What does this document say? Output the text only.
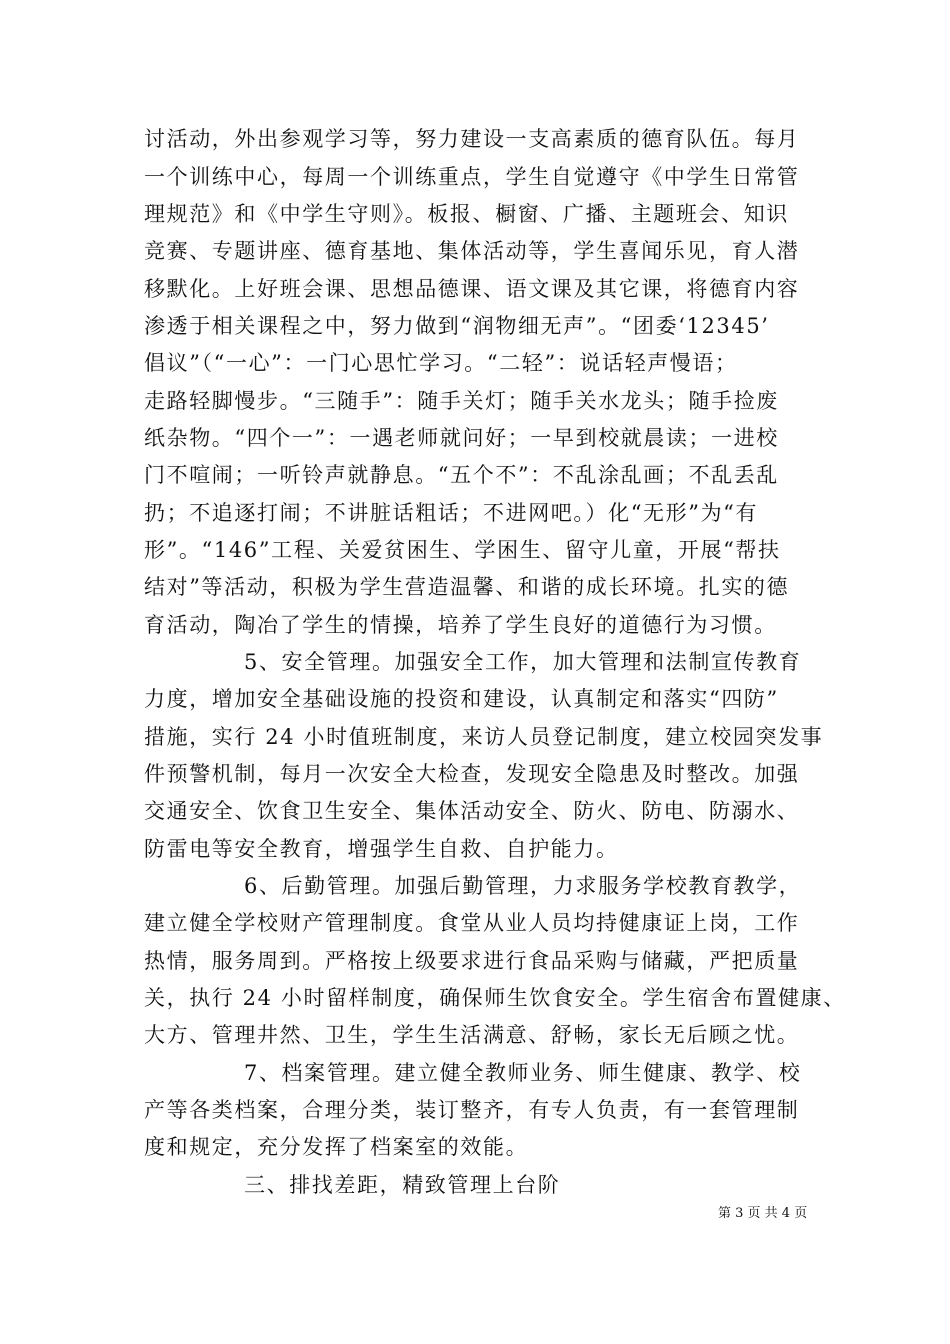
讨活动，外出参观学习等，努力建设一支高素质的德育队伍。每月
一个训练中心，每周一个训练重点，学生自觉遵守《中学生日常管
理规范》和《中学生守则》。板报、橱窗、广播、主题班会、知识
竞赛、专题讲座、德育基地、集体活动等，学生喜闻乐见，育人潜
移默化。上好班会课、思想品德课、语文课及其它课，将德育内容
渗透于相关课程之中，努力做到“润物细无声”。“团委‘12345’
倡议”（“一心”：一门心思忙学习。“二轻”：说话轻声慢语；
走路轻脚慢步。“三随手”：随手关灯；随手关水龙头；随手捡废
纸杂物。“四个一”：一遇老师就问好；一早到校就晨读；一进校
门不喧闹；一听铃声就静息。“五个不”：不乱涂乱画；不乱丢乱
扔；不追逐打闹；不讲脏话粗话；不进网吧。）化“无形”为“有
形”。“146”工程、关爱贫困生、学困生、留守儿童，开展“帮扶
结对”等活动，积极为学生营造温馨、和谐的成长环境。扎实的德
育活动，陶冶了学生的情操，培养了学生良好的道德行为习惯。
5、安全管理。加强安全工作，加大管理和法制宣传教育
力度，增加安全基础设施的投资和建设，认真制定和落实“四防”
措施，实行 24 小时值班制度，来访人员登记制度，建立校园突发事
件预警机制，每月一次安全大检查，发现安全隐患及时整改。加强
交通安全、饮食卫生安全、集体活动安全、防火、防电、防溺水、
防雷电等安全教育，增强学生自救、自护能力。
6、后勤管理。加强后勤管理，力求服务学校教育教学，
建立健全学校财产管理制度。食堂从业人员均持健康证上岗，工作
热情，服务周到。严格按上级要求进行食品采购与储藏，严把质量
关，执行 24 小时留样制度，确保师生饮食安全。学生宿舍布置健康、
大方、管理井然、卫生，学生生活满意、舒畅，家长无后顾之忧。
7、档案管理。建立健全教师业务、师生健康、教学、校
产等各类档案，合理分类，装订整齐，有专人负责，有一套管理制
度和规定，充分发挥了档案室的效能。
三、排找差距，精致管理上台阶
第 3 页 共 4 页
